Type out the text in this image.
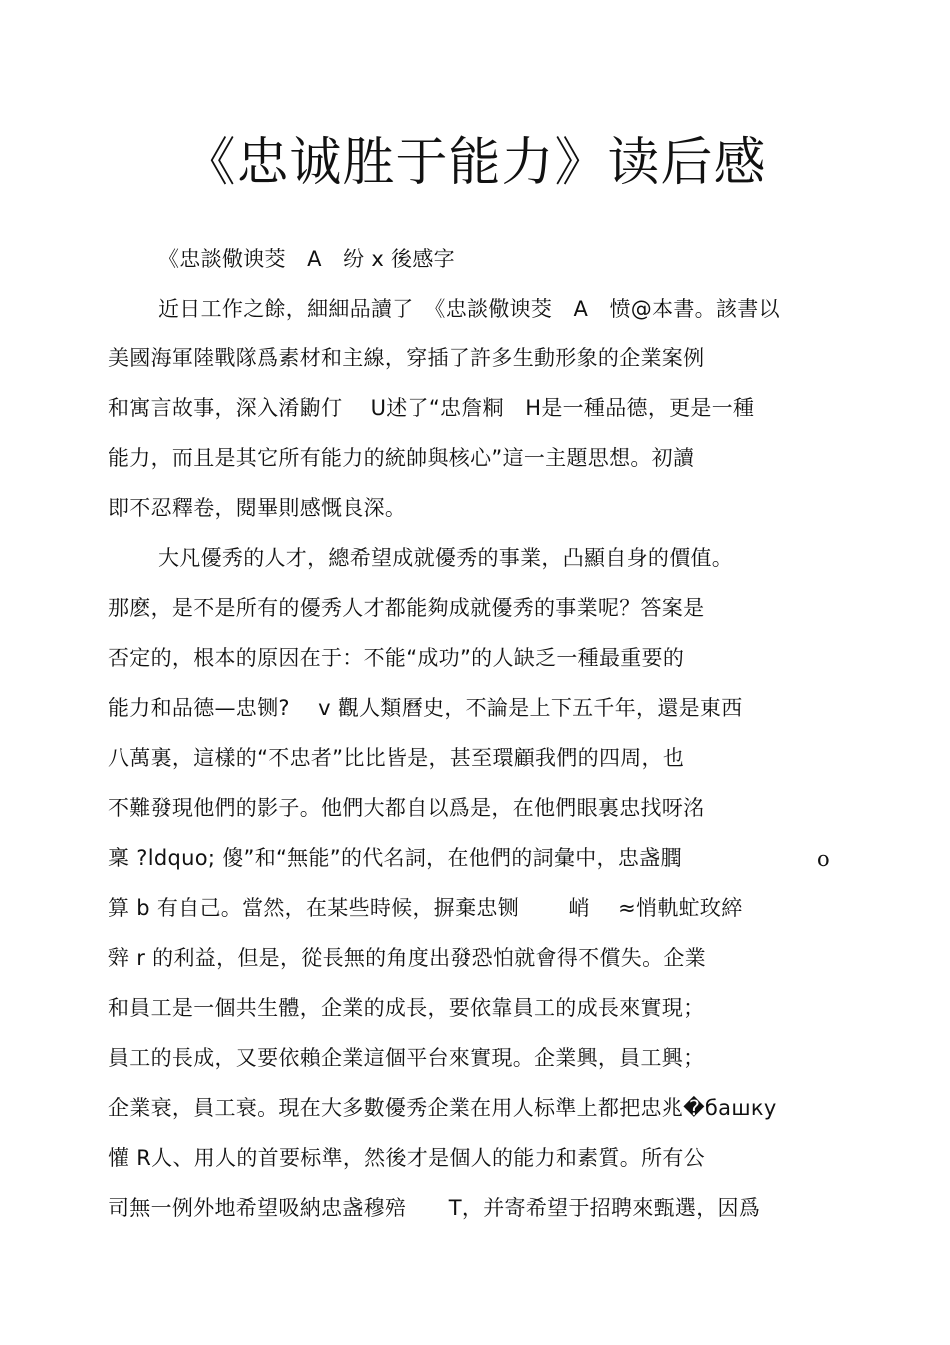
《忠诚胜于能力》读后感
《忠談儆谀茭　A　纷 x 後感字
近日工作之餘，細細品讀了　《忠談儆谀茭　A　愤@本書。該書以
美國海軍陸戰隊爲素材和主線，穿插了許多生動形象的企業案例
和寓言故事，深入淆鼩仃　 U述了“忠詹粡　H是一種品德，更是一種
能力，而且是其它所有能力的統帥與核心”這一主題思想。初讀
即不忍釋卷，閱畢則感慨良深。
大凡優秀的人才，總希望成就優秀的事業，凸顯自身的價值。
那麽，是不是所有的優秀人才都能夠成就優秀的事業呢？答案是
否定的，根本的原因在于：不能“成功”的人缺乏一種最重要的
能力和品德—忠铡?　 v 觀人類曆史，不論是上下五千年，還是東西
八萬裏，這樣的“不忠者”比比皆是，甚至環顧我們的四周，也
不難發現他們的影子。他們大都自以爲是，在他們眼裏忠找呀洺
稟 ?ldquo; 傻”和“無能”的代名詞，在他們的詞彙中，忠盏膶	o
算 b 有自己。當然，在某些時候，摒棄忠铡　　 峭　 ≈悄軌虻玫綷
辤 r 的利益，但是，從長無的角度出發恐怕就會得不償失。企業
和員工是一個共生體，企業的成長，要依靠員工的成長來實現；
員工的長成，又要依賴企業這個平台來實現。企業興，員工興；
企業衰，員工衰。現在大多數優秀企業在用人标準上都把忠兆�башку
懽 R人、用人的首要标準，然後才是個人的能力和素質。所有公
司無一例外地希望吸納忠盏穆殕　　T，并寄希望于招聘來甄選，因爲
